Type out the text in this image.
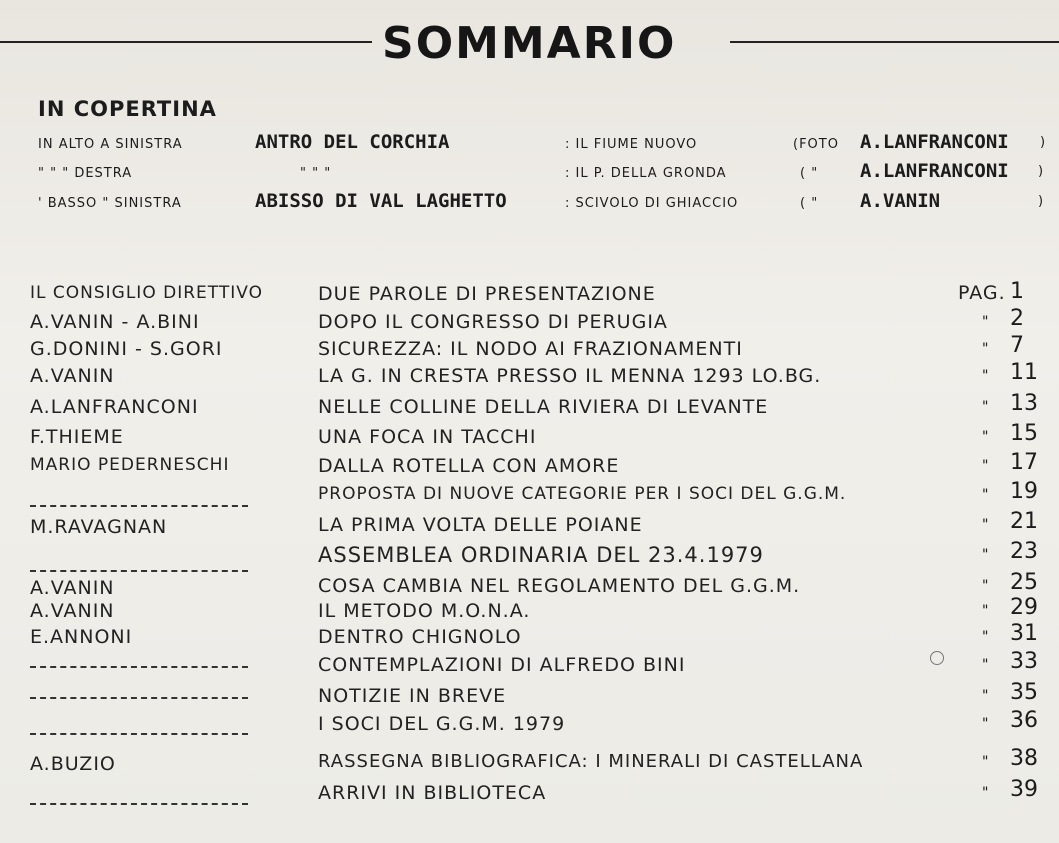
SOMMARIO
IN COPERTINA
IN ALTO A SINISTRA	ANTRO DEL CORCHIA	: IL FIUME NUOVO	(FOTO A.LANFRANCONI )
" " " DESTRA	" " "	: IL P. DELLA GRONDA	( " A.LANFRANCONI )
' BASSO " SINISTRA	ABISSO DI VAL LAGHETTO	: SCIVOLO DI GHIACCIO	( " A.VANIN	)
PAG.
IL CONSIGLIO DIRETTIVO	DUE PAROLE DI PRESENTAZIONE	1
A.VANIN - A.BINI	DOPO IL CONGRESSO DI PERUGIA	" 2
G.DONINI - S.GORI	SICUREZZA: IL NODO AI FRAZIONAMENTI	" 7
A.VANIN	LA G. IN CRESTA PRESSO IL MENNA 1293 LO.BG.	" 11
A.LANFRANCONI	NELLE COLLINE DELLA RIVIERA DI LEVANTE	" 13
F.THIEME	UNA FOCA IN TACCHI	" 15
MARIO PEDERNESCHI	DALLA ROTELLA CON AMORE	" 17
PROPOSTA DI NUOVE CATEGORIE PER I SOCI DEL G.G.M.	" 19
M.RAVAGNAN	LA PRIMA VOLTA DELLE POIANE	" 21
ASSEMBLEA ORDINARIA DEL 23.4.1979	" 23
A.VANIN	COSA CAMBIA NEL REGOLAMENTO DEL G.G.M.	" 25
A.VANIN	IL METODO M.O.N.A.	" 29
E.ANNONI	DENTRO CHIGNOLO	" 31
CONTEMPLAZIONI DI ALFREDO BINI	" 33
NOTIZIE IN BREVE	" 35
I SOCI DEL G.G.M. 1979	" 36
A.BUZIO	RASSEGNA BIBLIOGRAFICA: I MINERALI DI CASTELLANA	" 38
ARRIVI IN BIBLIOTECA	" 39
